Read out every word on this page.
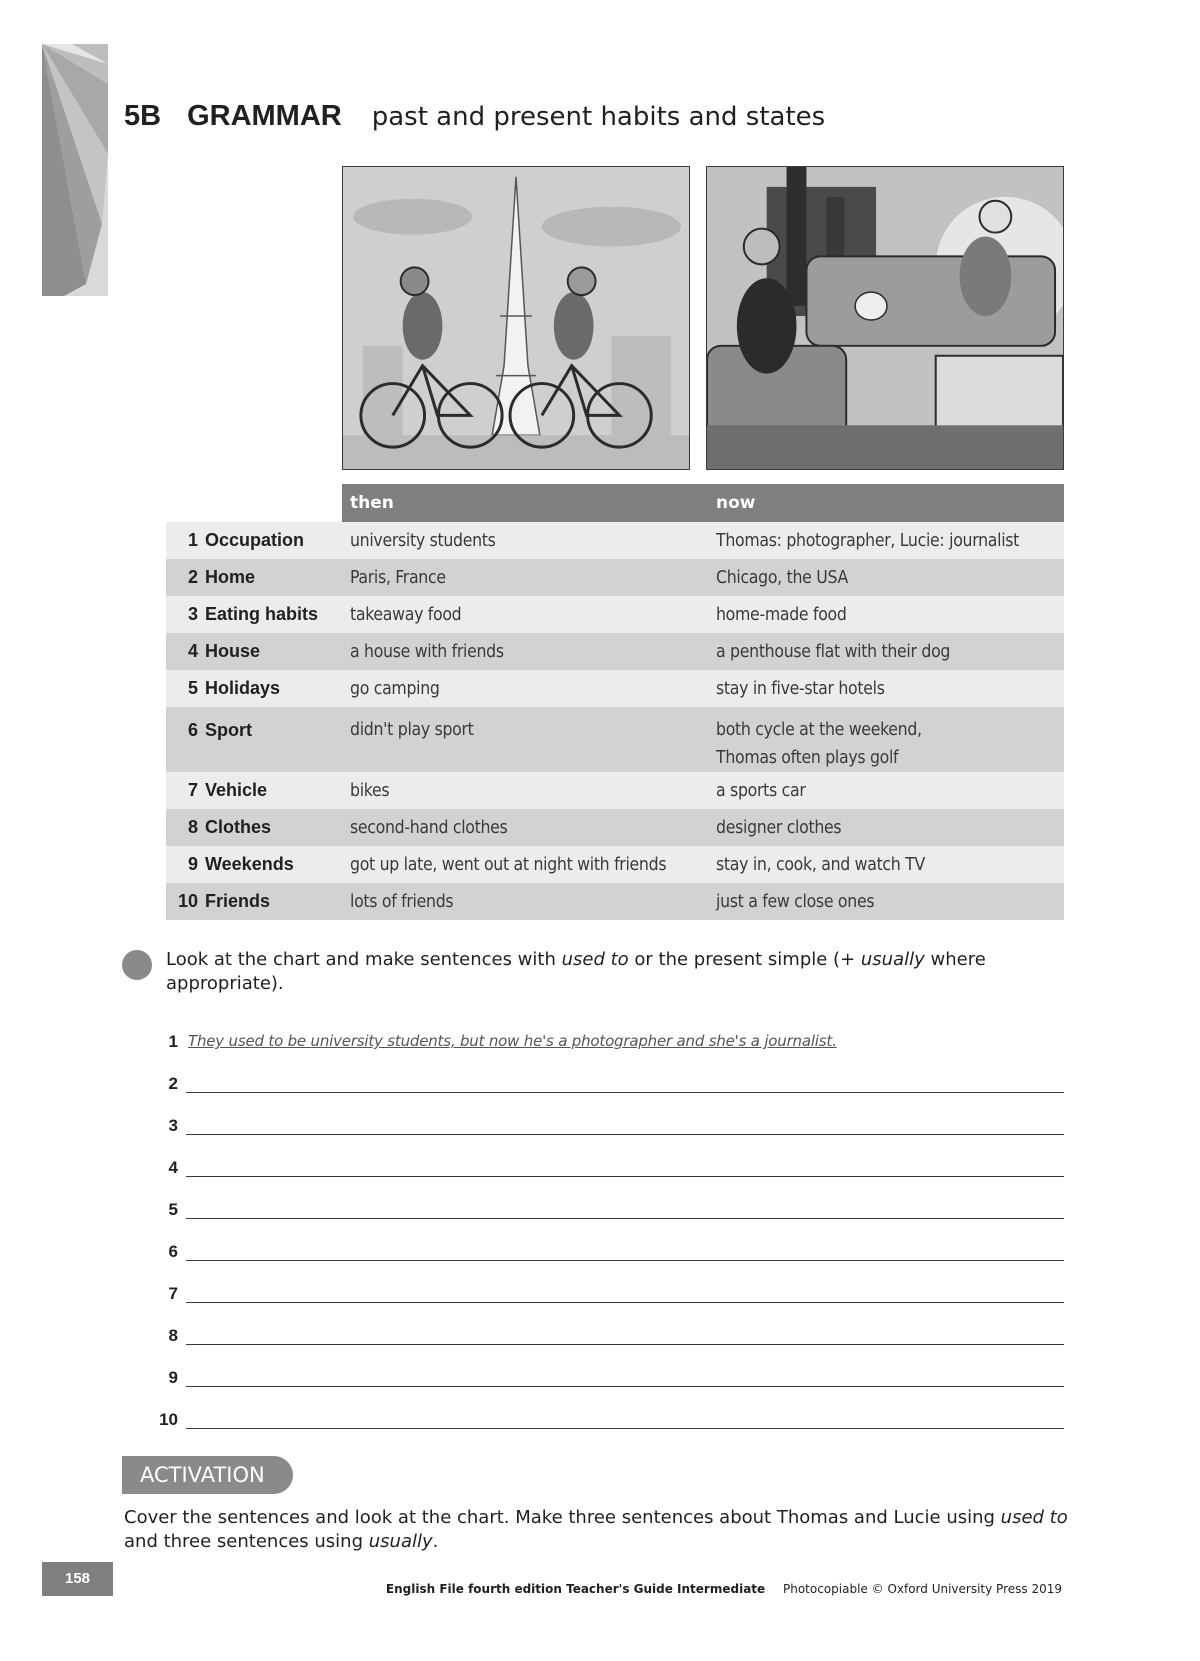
5B GRAMMAR past and present habits and states
	then	now
1 Occupation	university students	Thomas: photographer, Lucie: journalist
2 Home	Paris, France	Chicago, the USA
3 Eating habits	takeaway food	home-made food
4 House	a house with friends	a penthouse flat with their dog
5 Holidays	go camping	stay in five-star hotels
6 Sport	didn't play sport	both cycle at the weekend,
Thomas often plays golf

7 Vehicle	bikes	a sports car
8 Clothes	second-hand clothes	designer clothes
9 Weekends	got up late, went out at night with friends	stay in, cook, and watch TV
10 Friends	lots of friends	just a few close ones

Look at the chart and make sentences with used to or the present simple (+ usually where appropriate).

1 They used to be university students, but now he's a photographer and she's a journalist.
2
3
4
5
6
7
8
9
10
ACTIVATION

Cover the sentences and look at the chart. Make three sentences about Thomas and Lucie using used to and three sentences using usually.

158
English File fourth edition Teacher's Guide Intermediate Photocopiable © Oxford University Press 2019
